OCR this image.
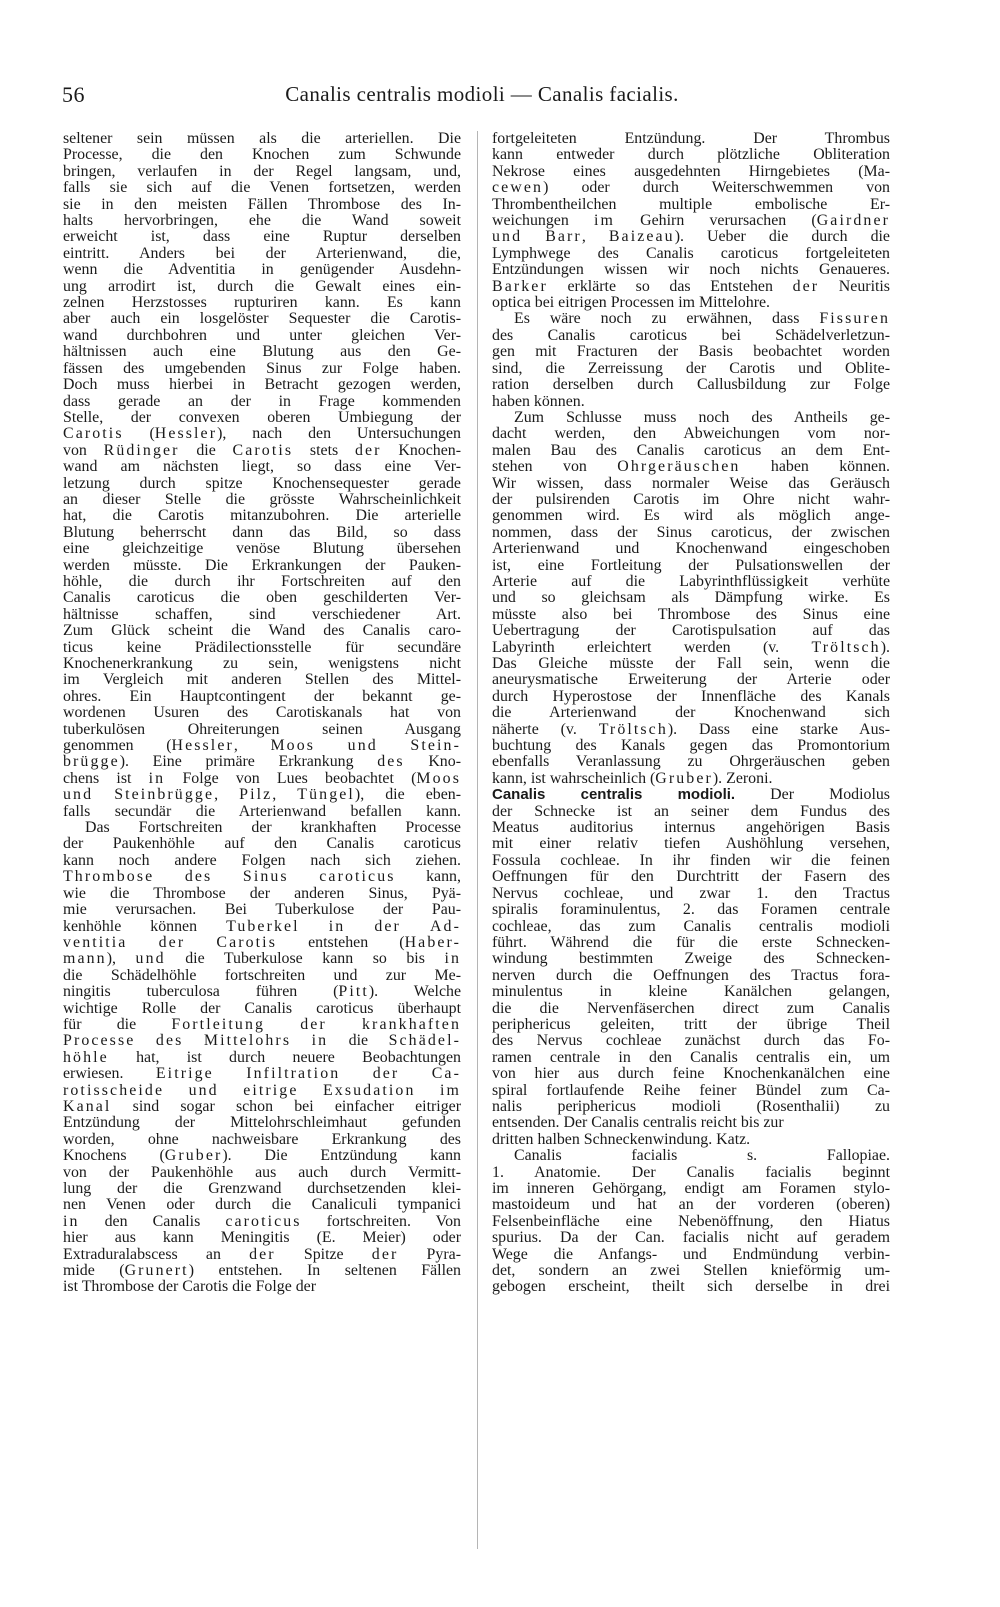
56	Canalis centralis modioli — Canalis facialis.
seltener sein müssen als die arteriellen. Die
Processe, die den Knochen zum Schwunde
bringen, verlaufen in der Regel langsam, und,
falls sie sich auf die Venen fortsetzen, werden
sie in den meisten Fällen Thrombose des In-
halts hervorbringen, ehe die Wand soweit
erweicht ist, dass eine Ruptur derselben
eintritt. Anders bei der Arterienwand, die,
wenn die Adventitia in genügender Ausdehn-
ung arrodirt ist, durch die Gewalt eines ein-
zelnen Herzstosses rupturiren kann. Es kann
aber auch ein losgelöster Sequester die Carotis-
wand durchbohren und unter gleichen Ver-
hältnissen auch eine Blutung aus den Ge-
fässen des umgebenden Sinus zur Folge haben.
Doch muss hierbei in Betracht gezogen werden,
dass gerade an der in Frage kommenden
Stelle, der convexen oberen Umbiegung der
Carotis (Hessler), nach den Untersuchungen
von Rüdinger die Carotis stets der Knochen-
wand am nächsten liegt, so dass eine Ver-
letzung durch spitze Knochensequester gerade
an dieser Stelle die grösste Wahrscheinlichkeit
hat, die Carotis mitanzubohren. Die arterielle
Blutung beherrscht dann das Bild, so dass
eine gleichzeitige venöse Blutung übersehen
werden müsste. Die Erkrankungen der Pauken-
höhle, die durch ihr Fortschreiten auf den
Canalis caroticus die oben geschilderten Ver-
hältnisse schaffen, sind verschiedener Art.
Zum Glück scheint die Wand des Canalis caro-
ticus keine Prädilectionsstelle für secundäre
Knochenerkrankung zu sein, wenigstens nicht
im Vergleich mit anderen Stellen des Mittel-
ohres. Ein Hauptcontingent der bekannt ge-
wordenen Usuren des Carotiskanals hat von
tuberkulösen Ohreiterungen seinen Ausgang
genommen (Hessler, Moos und Stein-
brügge). Eine primäre Erkrankung des Kno-
chens ist in Folge von Lues beobachtet (Moos
und Steinbrügge, Pilz, Tüngel), die eben-
falls secundär die Arterienwand befallen kann.
Das Fortschreiten der krankhaften Processe
der Paukenhöhle auf den Canalis caroticus
kann noch andere Folgen nach sich ziehen.
Thrombose des Sinus caroticus kann,
wie die Thrombose der anderen Sinus, Pyä-
mie verursachen. Bei Tuberkulose der Pau-
kenhöhle können Tuberkel in der Ad-
ventitia der Carotis entstehen (Haber-
mann), und die Tuberkulose kann so bis in
die Schädelhöhle fortschreiten und zur Me-
ningitis tuberculosa führen (Pitt). Welche
wichtige Rolle der Canalis caroticus überhaupt
für die Fortleitung der krankhaften
Processe des Mittelohrs in die Schädel-
höhle hat, ist durch neuere Beobachtungen
erwiesen. Eitrige Infiltration der Ca-
rotisscheide und eitrige Exsudation im
Kanal sind sogar schon bei einfacher eitriger
Entzündung der Mittelohrschleimhaut gefunden
worden, ohne nachweisbare Erkrankung des
Knochens (Gruber). Die Entzündung kann
von der Paukenhöhle aus auch durch Vermitt-
lung der die Grenzwand durchsetzenden klei-
nen Venen oder durch die Canaliculi tympanici
in den Canalis caroticus fortschreiten. Von
hier aus kann Meningitis (E. Meier) oder
Extraduralabscess an der Spitze der Pyra-
mide (Grunert) entstehen. In seltenen Fällen
ist Thrombose der Carotis die Folge der
fortgeleiteten Entzündung. Der Thrombus
kann entweder durch plötzliche Obliteration
Nekrose eines ausgedehnten Hirngebietes (Ma-
cewen) oder durch Weiterschwemmen von
Thrombentheilchen multiple embolische Er-
weichungen im Gehirn verursachen (Gairdner
und Barr, Baizeau). Ueber die durch die
Lymphwege des Canalis caroticus fortgeleiteten
Entzündungen wissen wir noch nichts Genaueres.
Barker erklärte so das Entstehen der Neuritis
optica bei eitrigen Processen im Mittelohre.
Es wäre noch zu erwähnen, dass Fissuren
des Canalis caroticus bei Schädelverletzun-
gen mit Fracturen der Basis beobachtet worden
sind, die Zerreissung der Carotis und Oblite-
ration derselben durch Callusbildung zur Folge
haben können.
Zum Schlusse muss noch des Antheils ge-
dacht werden, den Abweichungen vom nor-
malen Bau des Canalis caroticus an dem Ent-
stehen von Ohrgeräuschen haben können.
Wir wissen, dass normaler Weise das Geräusch
der pulsirenden Carotis im Ohre nicht wahr-
genommen wird. Es wird als möglich ange-
nommen, dass der Sinus caroticus, der zwischen
Arterienwand und Knochenwand eingeschoben
ist, eine Fortleitung der Pulsationswellen der
Arterie auf die Labyrinthflüssigkeit verhüte
und so gleichsam als Dämpfung wirke. Es
müsste also bei Thrombose des Sinus eine
Uebertragung der Carotispulsation auf das
Labyrinth erleichtert werden (v. Tröltsch).
Das Gleiche müsste der Fall sein, wenn die
aneurysmatische Erweiterung der Arterie oder
durch Hyperostose der Innenfläche des Kanals
die Arterienwand der Knochenwand sich
näherte (v. Tröltsch). Dass eine starke Aus-
buchtung des Kanals gegen das Promontorium
ebenfalls Veranlassung zu Ohrgeräuschen geben
kann, ist wahrscheinlich (Gruber). Zeroni.
Canalis centralis modioli. Der Modiolus
der Schnecke ist an seiner dem Fundus des
Meatus auditorius internus angehörigen Basis
mit einer relativ tiefen Aushöhlung versehen,
Fossula cochleae. In ihr finden wir die feinen
Oeffnungen für den Durchtritt der Fasern des
Nervus cochleae, und zwar 1. den Tractus
spiralis foraminulentus, 2. das Foramen centrale
cochleae, das zum Canalis centralis modioli
führt. Während die für die erste Schnecken-
windung bestimmten Zweige des Schnecken-
nerven durch die Oeffnungen des Tractus fora-
minulentus in kleine Kanälchen gelangen,
die die Nervenfäserchen direct zum Canalis
periphericus geleiten, tritt der übrige Theil
des Nervus cochleae zunächst durch das Fo-
ramen centrale in den Canalis centralis ein, um
von hier aus durch feine Knochenkanälchen eine
spiral fortlaufende Reihe feiner Bündel zum Ca-
nalis periphericus modioli (Rosenthalii) zu
entsenden. Der Canalis centralis reicht bis zur
dritten halben Schneckenwindung. Katz.
Canalis facialis s. Fallopiae.
1. Anatomie. Der Canalis facialis beginnt
im inneren Gehörgang, endigt am Foramen stylo-
mastoideum und hat an der vorderen (oberen)
Felsenbeinfläche eine Nebenöffnung, den Hiatus
spurius. Da der Can. facialis nicht auf geradem
Wege die Anfangs- und Endmündung verbin-
det, sondern an zwei Stellen knieförmig um-
gebogen erscheint, theilt sich derselbe in drei
